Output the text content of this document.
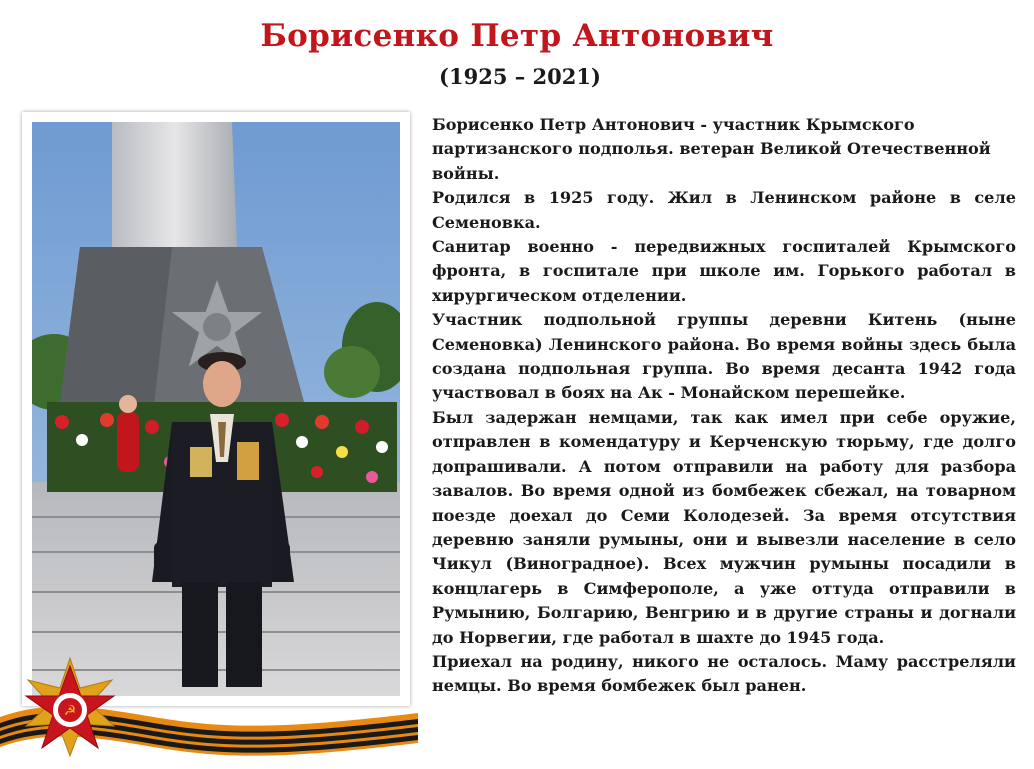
Борисенко Петр Антонович
(1925 – 2021)

Борисенко Петр Антонович - участник Крымского партизанского подполья. ветеран Великой Отечественной войны.

Родился в 1925 году. Жил в Ленинском районе в селе Семеновка.

Санитар военно - передвижных госпиталей Крымского фронта, в госпитале при школе им. Горького работал в хирургическом отделении.

Участник подпольной группы деревни Китень (ныне Семеновка) Ленинского района. Во время войны здесь была создана подпольная группа. Во время десанта 1942 года участвовал в боях на Ак - Монайском перешейке.

Был задержан немцами, так как имел при себе оружие, отправлен в комендатуру и Керченскую тюрьму, где долго допрашивали. А потом отправили на работу для разбора завалов. Во время одной из бомбежек сбежал, на товарном поезде доехал до Семи Колодезей. За время отсутствия деревню заняли румыны, они и вывезли население в село Чикул (Виноградное). Всех мужчин румыны посадили в концлагерь в Симферополе, а уже оттуда отправили в Румынию, Болгарию, Венгрию и в другие страны и догнали до Норвегии, где работал в шахте до 1945 года.

Приехал на родину, никого не осталось. Маму расстреляли немцы. Во время бомбежек был ранен.

☭
